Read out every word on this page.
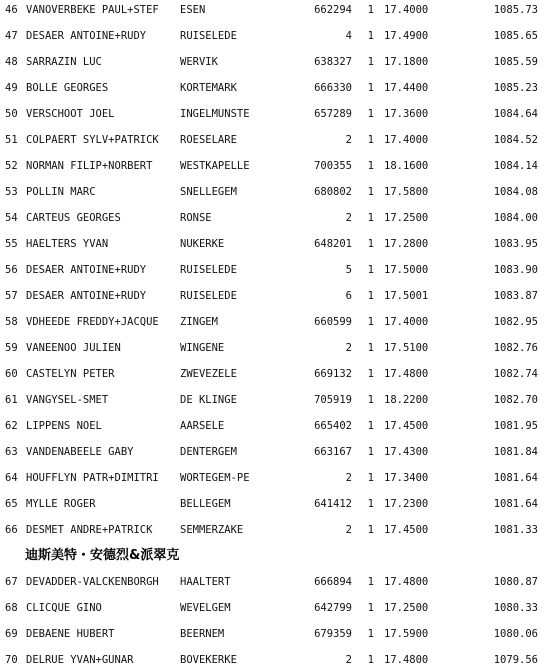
46 VANOVERBEKE PAUL+STEF	ESEN	662294	1 17.4000	1085.73
47 DESAER ANTOINE+RUDY	RUISELEDE	4	1 17.4900	1085.65
48 SARRAZIN LUC	WERVIK	638327	1 17.1800	1085.59
49 BOLLE GEORGES	KORTEMARK	666330	1 17.4400	1085.23
50 VERSCHOOT JOEL	INGELMUNSTE	657289	1 17.3600	1084.64
51 COLPAERT SYLV+PATRICK	ROESELARE	2	1 17.4000	1084.52
52 NORMAN FILIP+NORBERT	WESTKAPELLE	700355	1 18.1600	1084.14
53 POLLIN MARC	SNELLEGEM	680802	1 17.5800	1084.08
54 CARTEUS GEORGES	RONSE	2	1 17.2500	1084.00
55 HAELTERS YVAN	NUKERKE	648201	1 17.2800	1083.95
56 DESAER ANTOINE+RUDY	RUISELEDE	5	1 17.5000	1083.90
57 DESAER ANTOINE+RUDY	RUISELEDE	6	1 17.5001	1083.87
58 VDHEEDE FREDDY+JACQUE	ZINGEM	660599	1 17.4000	1082.95
59 VANEENOO JULIEN	WINGENE	2	1 17.5100	1082.76
60 CASTELYN PETER	ZWEVEZELE	669132	1 17.4800	1082.74
61 VANGYSEL-SMET	DE KLINGE	705919	1 18.2200	1082.70
62 LIPPENS NOEL	AARSELE	665402	1 17.4500	1081.95
63 VANDENABEELE GABY	DENTERGEM	663167	1 17.4300	1081.84
64 HOUFFLYN PATR+DIMITRI	WORTEGEM-PE	2	1 17.3400	1081.64
65 MYLLE ROGER	BELLEGEM	641412	1 17.2300	1081.64
66 DESMET ANDRE+PATRICK	SEMMERZAKE	2	1 17.4500	1081.33
迪斯美特・安德烈&派翠克
67 DEVADDER-VALCKENBORGH	HAALTERT	666894	1 17.4800	1080.87
68 CLICQUE GINO	WEVELGEM	642799	1 17.2500	1080.33
69 DEBAENE HUBERT	BEERNEM	679359	1 17.5900	1080.06
70 DELRUE YVAN+GUNAR	BOVEKERKE	2	1 17.4800	1079.56
